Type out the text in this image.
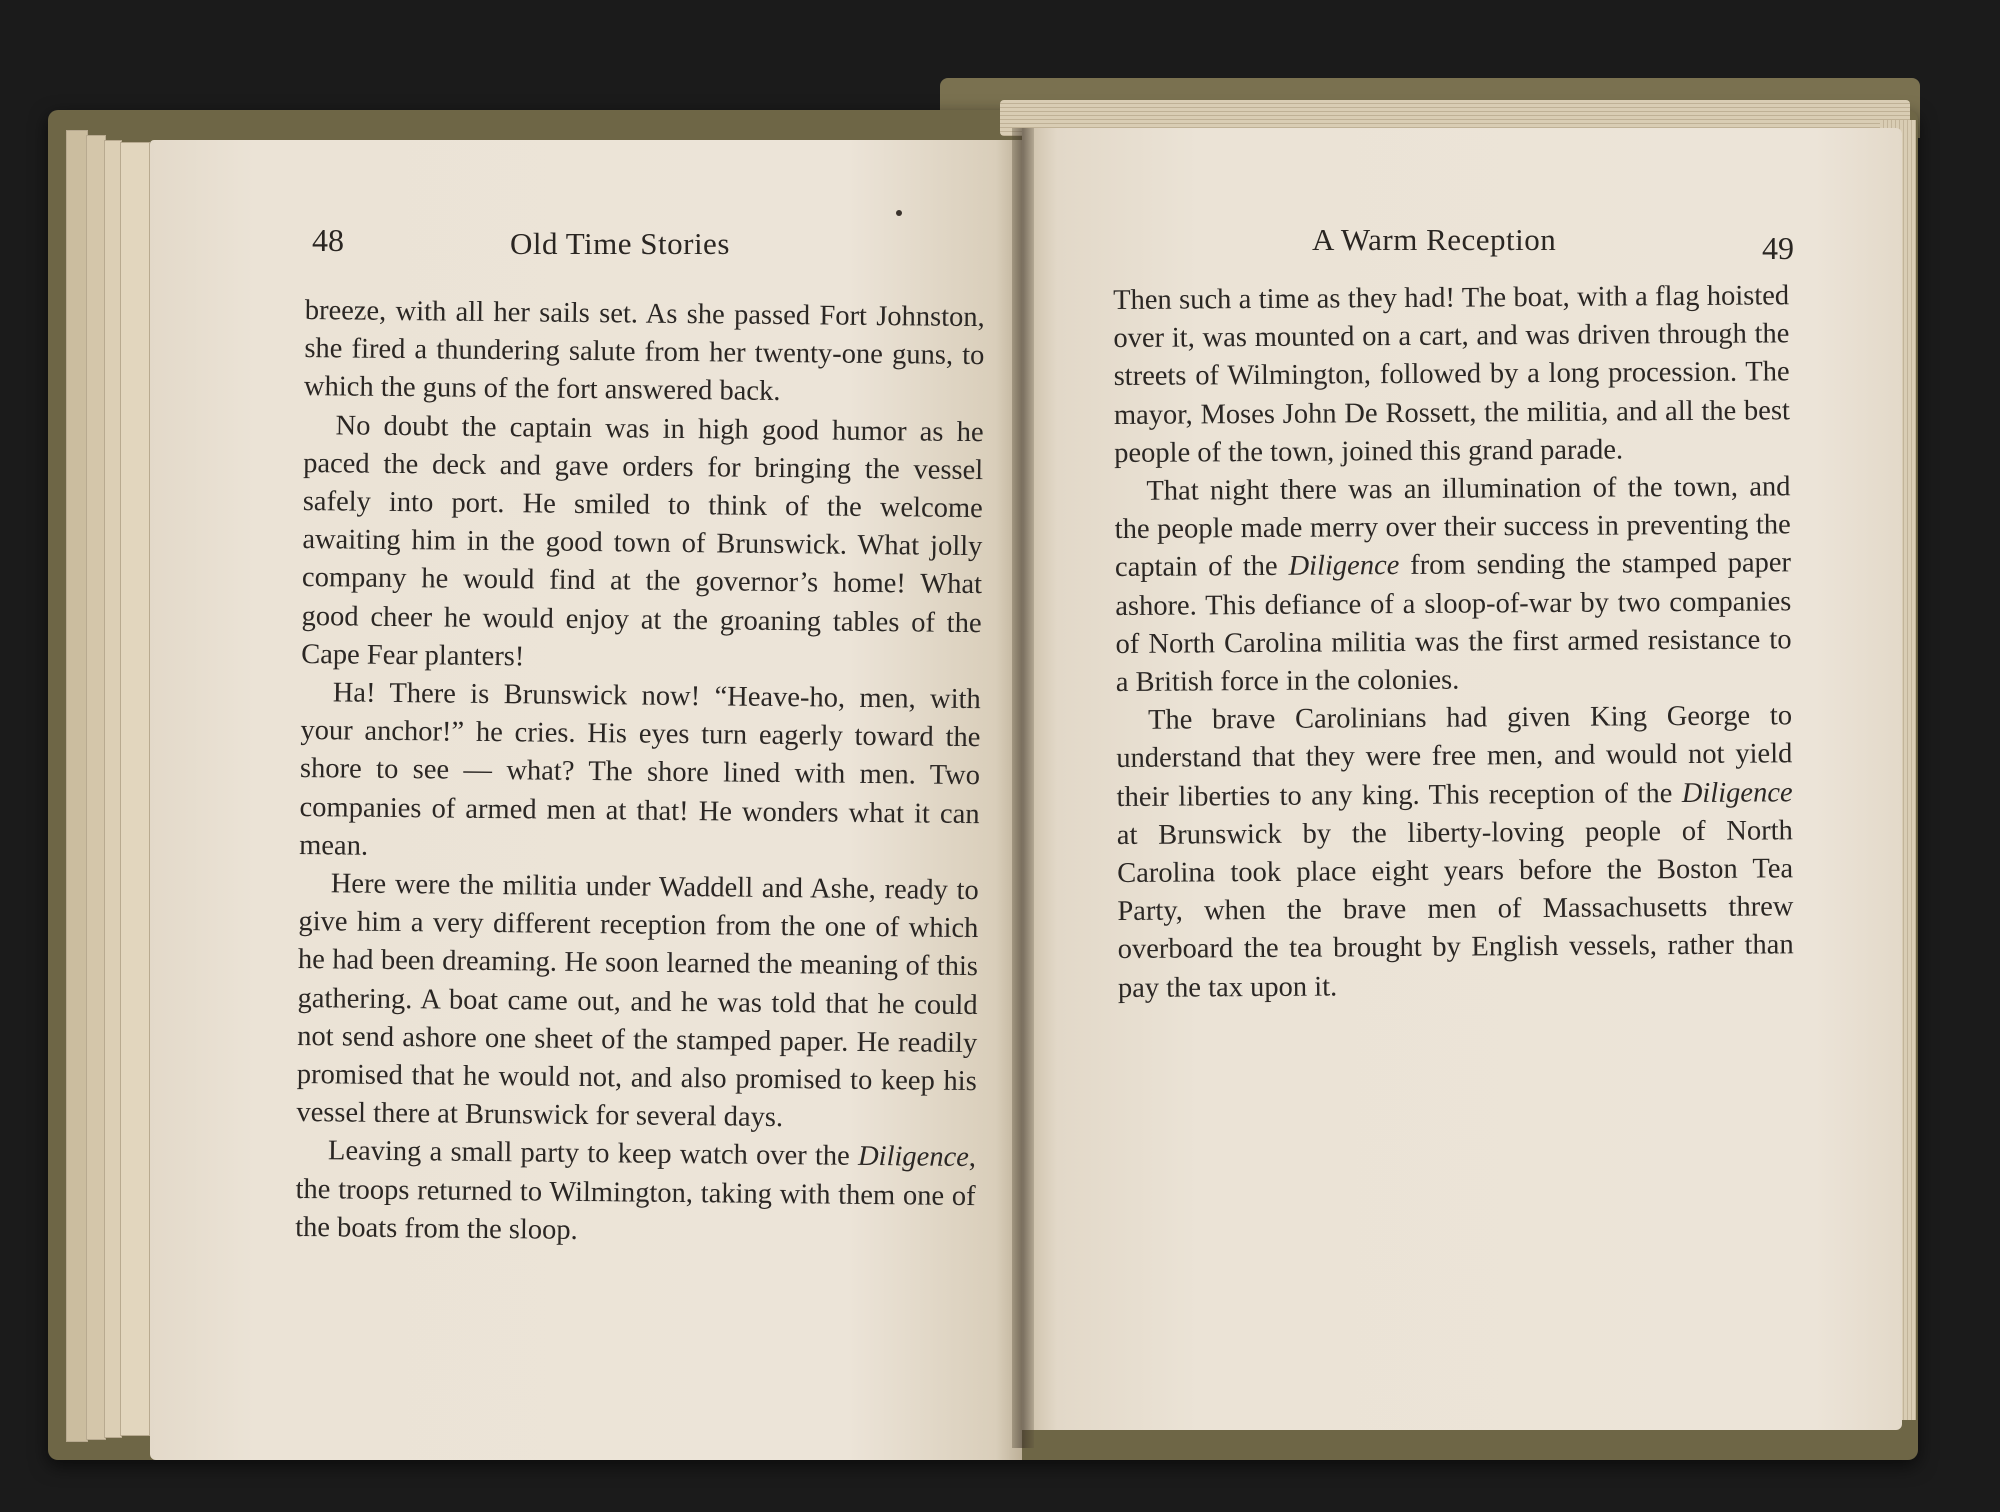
48	Old Time Stories	A Warm Reception	49

breeze, with all her sails set. As she passed Fort Johnston, she fired a thundering salute from her twenty-one guns, to which the guns of the fort answered back.

No doubt the captain was in high good humor as he paced the deck and gave orders for bringing the vessel safely into port. He smiled to think of the welcome awaiting him in the good town of Brunswick. What jolly company he would find at the governor’s home! What good cheer he would enjoy at the groaning tables of the Cape Fear planters!

Ha! There is Brunswick now! “Heave-ho, men, with your anchor!” he cries. His eyes turn eagerly toward the shore to see — what? The shore lined with men. Two companies of armed men at that! He wonders what it can mean.

Here were the militia under Waddell and Ashe, ready to give him a very different reception from the one of which he had been dreaming. He soon learned the meaning of this gathering. A boat came out, and he was told that he could not send ashore one sheet of the stamped paper. He readily promised that he would not, and also promised to keep his vessel there at Brunswick for several days.

Leaving a small party to keep watch over the Diligence, the troops returned to Wilmington, taking with them one of the boats from the sloop.

Then such a time as they had! The boat, with a flag hoisted over it, was mounted on a cart, and was driven through the streets of Wilmington, followed by a long procession. The mayor, Moses John De Rossett, the militia, and all the best people of the town, joined this grand parade.

That night there was an illumination of the town, and the people made merry over their success in preventing the captain of the Diligence from sending the stamped paper ashore. This defiance of a sloop-of-war by two companies of North Carolina militia was the first armed resistance to a British force in the colonies.

The brave Carolinians had given King George to understand that they were free men, and would not yield their liberties to any king. This reception of the Diligence at Brunswick by the liberty-loving people of North Carolina took place eight years before the Boston Tea Party, when the brave men of Massachusetts threw overboard the tea brought by English vessels, rather than pay the tax upon it.
